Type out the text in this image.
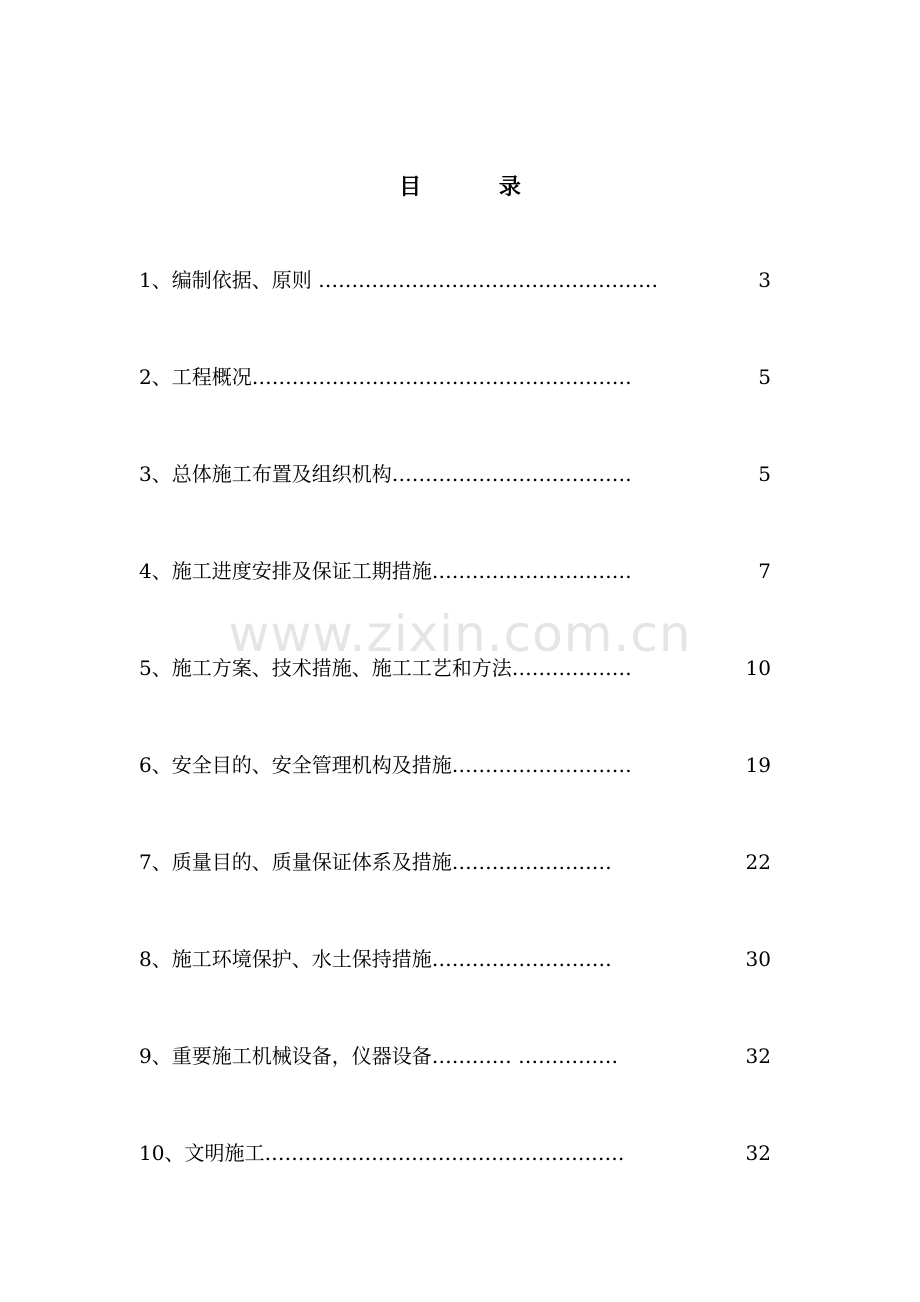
目	录
www.zixin.com.cn
1、编制依据、原则 ……………………………………………	3
2、工程概况…………………………………………………	5
3、总体施工布置及组织机构………………………………	5
4、施工进度安排及保证工期措施…………………………	7
5、施工方案、技术措施、施工工艺和方法………………	10
6、安全目的、安全管理机构及措施………………………	19
7、质量目的、质量保证体系及措施……………………	22
8、施工环境保护、水土保持措施………………………	30
9、重要施工机械设备，仪器设备………… ……………	32
10、文明施工………………………………………………	32
